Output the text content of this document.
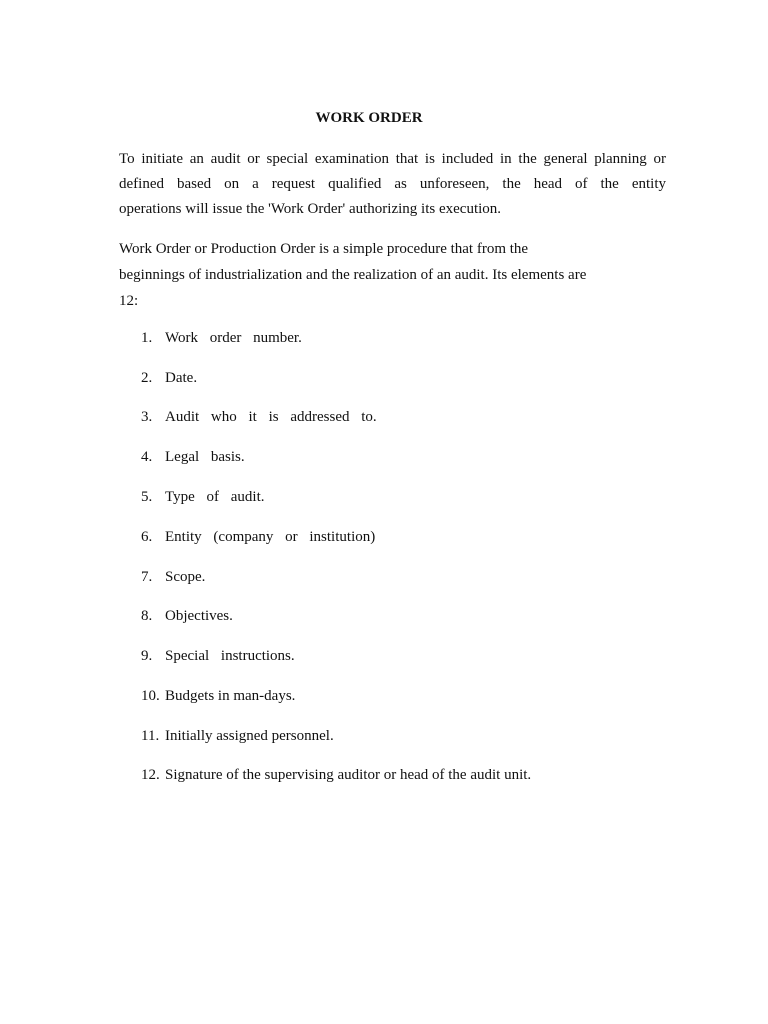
WORK ORDER
To initiate an audit or special examination that is included in the general planning or
defined based on a request qualified as unforeseen, the head of the entity
operations will issue the 'Work Order' authorizing its execution.
Work Order or Production Order is a simple procedure that from the
beginnings of industrialization and the realization of an audit. Its elements are
12:
1. Work order number.
2. Date.
3. Audit who it is addressed to.
4. Legal basis.
5. Type of audit.
6. Entity (company or institution)
7. Scope.
8. Objectives.
9. Special instructions.
10. Budgets in man-days.
11. Initially assigned personnel.
12. Signature of the supervising auditor or head of the audit unit.
